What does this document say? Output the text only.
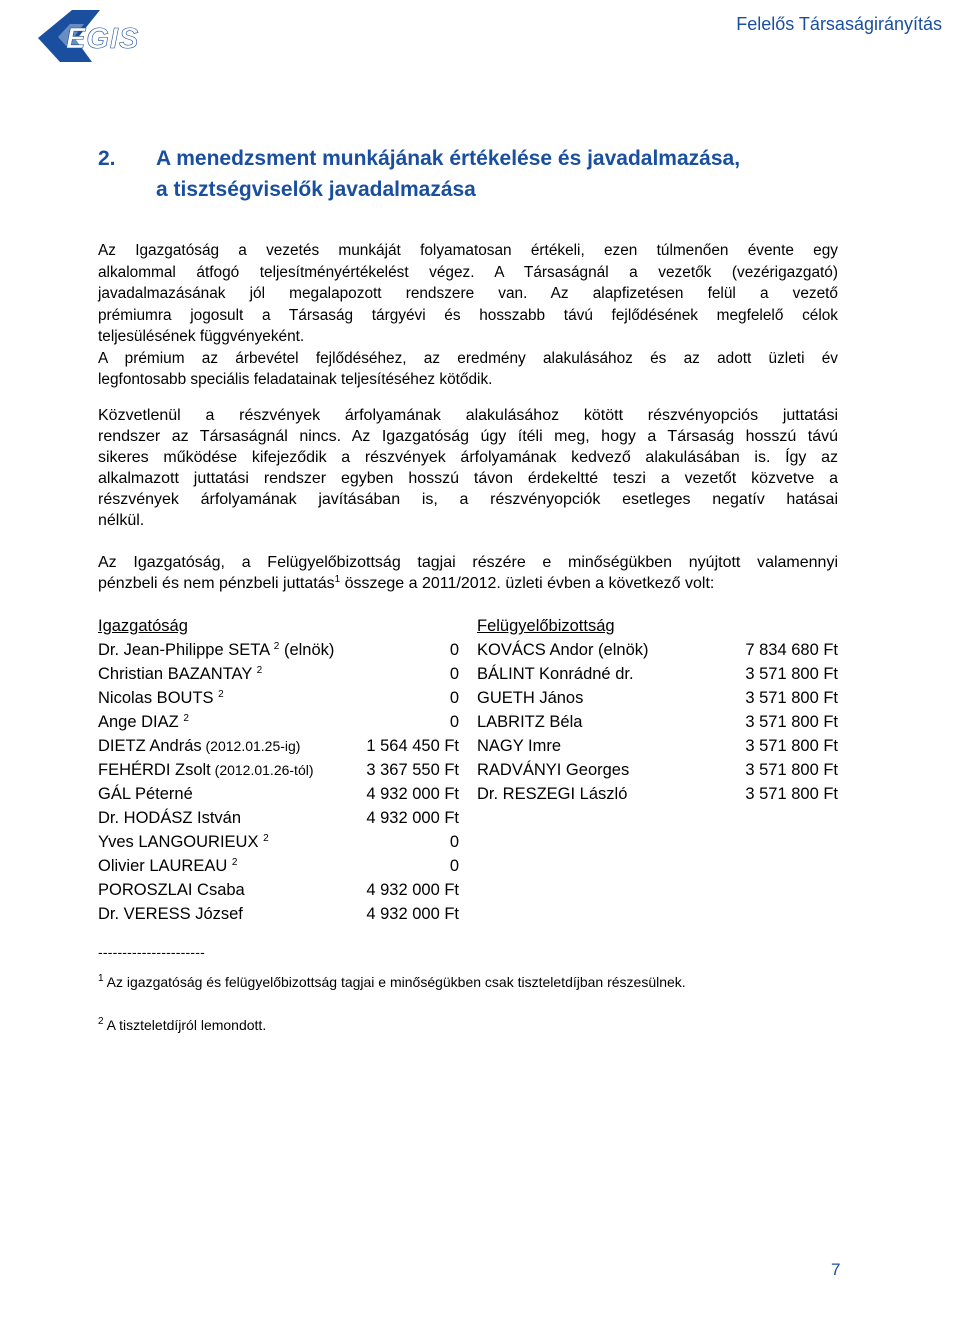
EGIS	Felelős Társaságirányítás
2. A menedzsment munkájának értékelése és javadalmazása,
a tisztségviselők javadalmazása
Az Igazgatóság a vezetés munkáját folyamatosan értékeli, ezen túlmenően évente egy
alkalommal átfogó teljesítményértékelést végez. A Társaságnál a vezetők (vezérigazgató)
javadalmazásának jól megalapozott rendszere van. Az alapfizetésen felül a vezető
prémiumra jogosult a Társaság tárgyévi és hosszabb távú fejlődésének megfelelő célok
teljesülésének függvényeként.
A prémium az árbevétel fejlődéséhez, az eredmény alakulásához és az adott üzleti év
legfontosabb speciális feladatainak teljesítéséhez kötődik.
Közvetlenül a részvények árfolyamának alakulásához kötött részvényopciós juttatási
rendszer az Társaságnál nincs. Az Igazgatóság úgy ítéli meg, hogy a Társaság hosszú távú
sikeres működése kifejeződik a részvények árfolyamának kedvező alakulásában is. Így az
alkalmazott juttatási rendszer egyben hosszú távon érdekeltté teszi a vezetőt közvetve a
részvények árfolyamának javításában is, a részvényopciók esetleges negatív hatásai
nélkül.
Az Igazgatóság, a Felügyelőbizottság tagjai részére e minőségükben nyújtott valamennyi
pénzbeli és nem pénzbeli juttatás$^1$ összege a 2011/2012. üzleti évben a következő volt:
Igazgatóság	Felügyelőbizottság
Dr. Jean-Philippe SETA $^2$ (elnök)	0 KOVÁCS Andor (elnök)	7 834 680 Ft
Christian BAZANTAY $^2$	0 BÁLINT Konrádné dr.	3 571 800 Ft
Nicolas BOUTS $^2$	0 GUETH János	3 571 800 Ft
Ange DIAZ $^2$	0 LABRITZ Béla	3 571 800 Ft
DIETZ András (2012.01.25-ig)	1 564 450 Ft NAGY Imre	3 571 800 Ft
FEHÉRDI Zsolt (2012.01.26-tól)	3 367 550 Ft RADVÁNYI Georges	3 571 800 Ft
GÁL Péterné	4 932 000 Ft Dr. RESZEGI László	3 571 800 Ft
Dr. HODÁSZ István	4 932 000 Ft
Yves LANGOURIEUX $^2$	0
Olivier LAUREAU $^2$	0
POROSZLAI Csaba	4 932 000 Ft
Dr. VERESS József	4 932 000 Ft
----------------------
$^1$ Az igazgatóság és felügyelőbizottság tagjai e minőségükben csak tiszteletdíjban részesülnek.
$^2$ A tiszteletdíjról lemondott.
7
